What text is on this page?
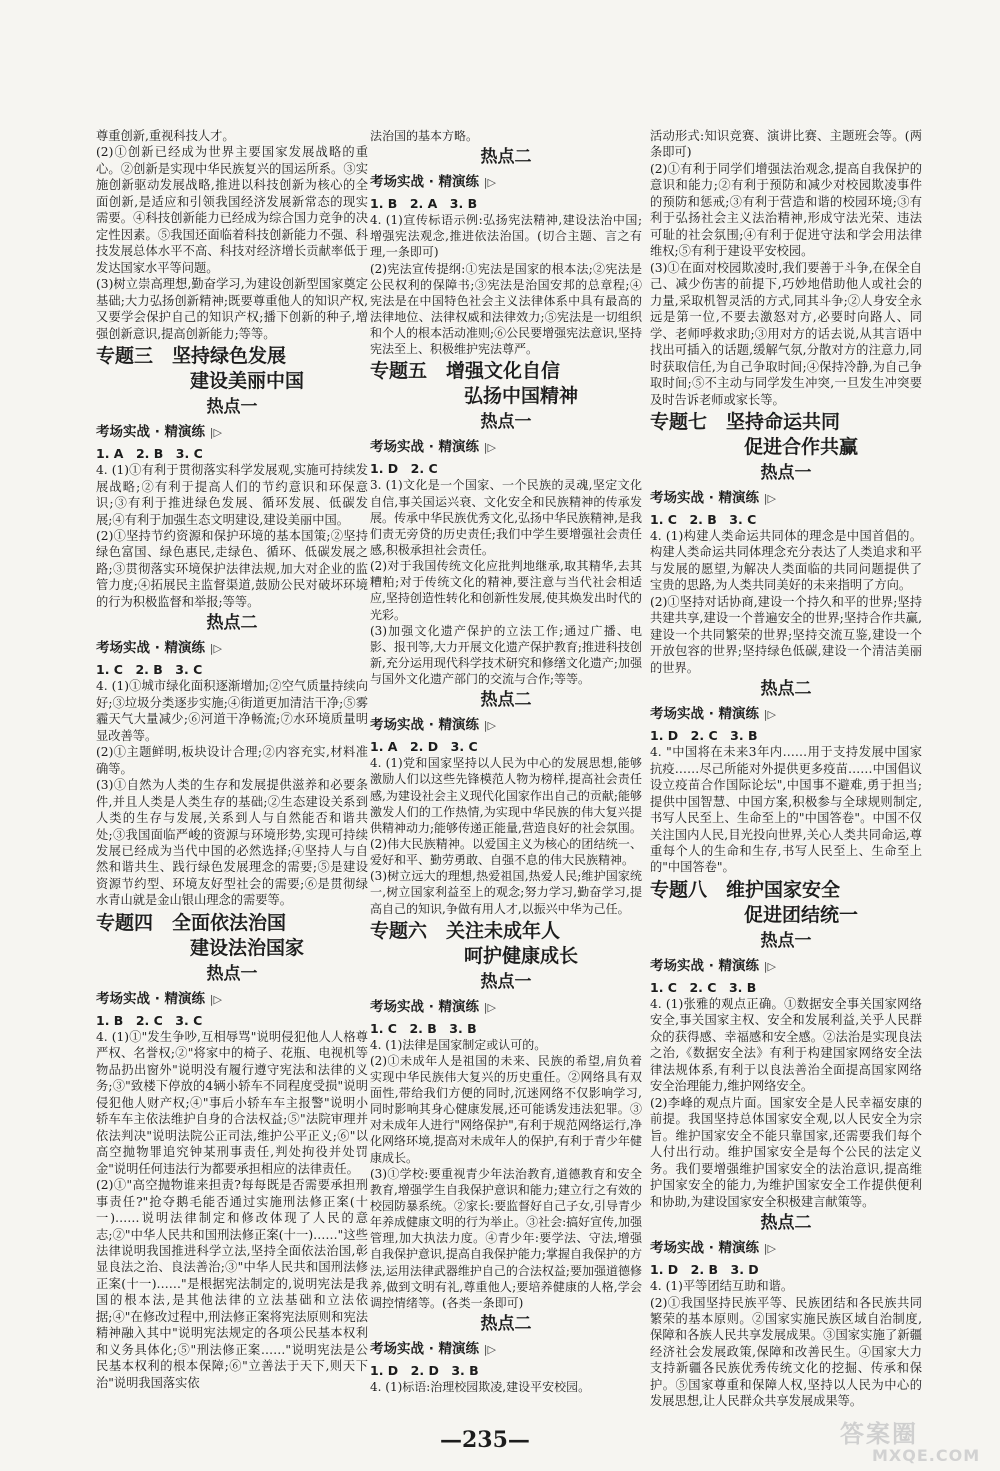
尊重创新,重视科技人才。
(2)①创新已经成为世界主要国家发展战略的重心。②创新是实现中华民族复兴的国运所系。③实施创新驱动发展战略,推进以科技创新为核心的全面创新,是适应和引领我国经济发展新常态的现实需要。④科技创新能力已经成为综合国力竞争的决定性因素。⑤我国还面临着科技创新能力不强、科技发展总体水平不高、科技对经济增长贡献率低于发达国家水平等问题。
(3)树立崇高理想,勤奋学习,为建设创新型国家奠定基础;大力弘扬创新精神;既要尊重他人的知识产权,又要学会保护自己的知识产权;播下创新的种子,增强创新意识,提高创新能力;等等。

专题三　坚持绿色发展
建设美丽中国
热点一
考场实战 · 精演练 |▷

1. A　2. B　3. C

4. (1)①有利于贯彻落实科学发展观,实施可持续发展战略;②有利于提高人们的节约意识和环保意识;③有利于推进绿色发展、循环发展、低碳发展;④有利于加强生态文明建设,建设美丽中国。
(2)①坚持节约资源和保护环境的基本国策;②坚持绿色富国、绿色惠民,走绿色、循环、低碳发展之路;③贯彻落实环境保护法律法规,加大对企业的监管力度;④拓展民主监督渠道,鼓励公民对破坏环境的行为积极监督和举报;等等。

热点二
考场实战 · 精演练 |▷

1. C　2. B　3. C

4. (1)①城市绿化面积逐渐增加;②空气质量持续向好;③垃圾分类逐步实施;④街道更加清洁干净;⑤雾霾天气大量减少;⑥河道干净畅流;⑦水环境质量明显改善等。
(2)①主题鲜明,板块设计合理;②内容充实,材料准确等。
(3)①自然为人类的生存和发展提供滋养和必要条件,并且人类是人类生存的基础;②生态建设关系到人类的生存与发展,关系到人与自然能否和谐共处;③我国面临严峻的资源与环境形势,实现可持续发展已经成为当代中国的必然选择;④坚持人与自然和谐共生、践行绿色发展理念的需要;⑤是建设资源节约型、环境友好型社会的需要;⑥是贯彻绿水青山就是金山银山理念的需要等。

专题四　全面依法治国
建设法治国家
热点一
考场实战 · 精演练 |▷

1. B　2. C　3. C

4. (1)①"发生争吵,互相辱骂"说明侵犯他人人格尊严权、名誉权;②"将家中的椅子、花瓶、电视机等物品扔出窗外"说明没有履行遵守宪法和法律的义务;③"致楼下停放的4辆小轿车不同程度受损"说明侵犯他人财产权;④"事后小轿车车主报警"说明小轿车车主依法维护自身的合法权益;⑤"法院审理并依法判决"说明法院公正司法,维护公平正义;⑥"以高空抛物罪追究钟某刑事责任,判处拘役并处罚金"说明任何违法行为都要承担相应的法律责任。
(2)①"高空抛物谁来担责?每每既是否需要承担刑事责任?"抢夺鹅毛能否通过实施刑法修正案(十一)……说明法律制定和修改体现了人民的意志;②"中华人民共和国刑法修正案(十一)……"这些法律说明我国推进科学立法,坚持全面依法治国,彰显良法之治、良法善治;③"中华人民共和国刑法修正案(十一)……"是根据宪法制定的,说明宪法是我国的根本法,是其他法律的立法基础和立法依据;④"在修改过程中,刑法修正案将宪法原则和宪法精神融入其中"说明宪法规定的各项公民基本权利和义务具体化;⑤"刑法修正案……"说明宪法是公民基本权利的根本保障;⑥"立善法于天下,则天下治"说明我国落实依

法治国的基本方略。

热点二
考场实战 · 精演练 |▷

1. B　2. A　3. B

4. (1)宣传标语示例:弘扬宪法精神,建设法治中国;增强宪法观念,推进依法治国。(切合主题、言之有理,一条即可)
(2)宪法宣传提纲:①宪法是国家的根本法;②宪法是公民权利的保障书;③宪法是治国安邦的总章程;④宪法是在中国特色社会主义法律体系中具有最高的法律地位、法律权威和法律效力;⑤宪法是一切组织和个人的根本活动准则;⑥公民要增强宪法意识,坚持宪法至上、积极维护宪法尊严。

专题五　增强文化自信
弘扬中国精神
热点一
考场实战 · 精演练 |▷

1. D　2. C

3. (1)文化是一个国家、一个民族的灵魂,坚定文化自信,事关国运兴衰、文化安全和民族精神的传承发展。传承中华民族优秀文化,弘扬中华民族精神,是我们责无旁贷的历史责任;我们中学生要增强社会责任感,积极承担社会责任。
(2)对于我国传统文化应批判地继承,取其精华,去其糟粕;对于传统文化的精神,要注意与当代社会相适应,坚持创造性转化和创新性发展,使其焕发出时代的光彩。
(3)加强文化遗产保护的立法工作;通过广播、电影、报刊等,大力开展文化遗产保护教育;推进科技创新,充分运用现代科学技术研究和修缮文化遗产;加强与国外文化遗产部门的交流与合作;等等。

热点二
考场实战 · 精演练 |▷

1. A　2. D　3. C

4. (1)党和国家坚持以人民为中心的发展思想,能够激励人们以这些先锋模范人物为榜样,提高社会责任感,为建设社会主义现代化国家作出自己的贡献;能够激发人们的工作热情,为实现中华民族的伟大复兴提供精神动力;能够传递正能量,营造良好的社会氛围。
(2)伟大民族精神。以爱国主义为核心的团结统一、爱好和平、勤劳勇敢、自强不息的伟大民族精神。
(3)树立远大的理想,热爱祖国,热爱人民;维护国家统一,树立国家利益至上的观念;努力学习,勤奋学习,提高自己的知识,争做有用人才,以振兴中华为己任。

专题六　关注未成年人
呵护健康成长
热点一
考场实战 · 精演练 |▷

1. C　2. B　3. B

4. (1)法律是国家制定或认可的。
(2)①未成年人是祖国的未来、民族的希望,肩负着实现中华民族伟大复兴的历史重任。②网络具有双面性,带给我们方便的同时,沉迷网络不仅影响学习,同时影响其身心健康发展,还可能诱发违法犯罪。③对未成年人进行"网络保护",有利于规范网络运行,净化网络环境,提高对未成年人的保护,有利于青少年健康成长。
(3)①学校:要重视青少年法治教育,道德教育和安全教育,增强学生自我保护意识和能力;建立行之有效的校园防暴系统。②家长:要监督好自己子女,引导青少年养成健康文明的行为举止。③社会:搞好宣传,加强管理,加大执法力度。④青少年:要学法、守法,增强自我保护意识,提高自我保护能力;掌握自我保护的方法,运用法律武器维护自己的合法权益;要加强道德修养,做到文明有礼,尊重他人;要培养健康的人格,学会调控情绪等。(各类一条即可)

热点二
考场实战 · 精演练 |▷

1. D　2. D　3. B

4. (1)标语:治理校园欺凌,建设平安校园。

活动形式:知识竞赛、演讲比赛、主题班会等。(两条即可)
(2)①有利于同学们增强法治观念,提高自我保护的意识和能力;②有利于预防和减少对校园欺凌事件的预防和惩戒;③有利于营造和谐的校园环境;③有利于弘扬社会主义法治精神,形成守法光荣、违法可耻的社会氛围;④有利于促进守法和学会用法律维权;⑤有利于建设平安校园。
(3)①在面对校园欺凌时,我们要善于斗争,在保全自己、减少伤害的前提下,巧妙地借助他人或社会的力量,采取机智灵活的方式,同其斗争;②人身安全永远是第一位,不要去激怒对方,必要时向路人、同学、老师呼救求助;③用对方的话去说,从其言语中找出可插入的话题,缓解气氛,分散对方的注意力,同时获取信任,为自己争取时间;④保持冷静,为自己争取时间;⑤不主动与同学发生冲突,一旦发生冲突要及时告诉老师或家长等。

专题七　坚持命运共同
促进合作共赢
热点一
考场实战 · 精演练 |▷

1. C　2. B　3. C

4. (1)构建人类命运共同体的理念是中国首倡的。构建人类命运共同体理念充分表达了人类追求和平与发展的愿望,为解决人类面临的共同问题提供了宝贵的思路,为人类共同美好的未来指明了方向。
(2)①坚持对话协商,建设一个持久和平的世界;坚持共建共享,建设一个普遍安全的世界;坚持合作共赢,建设一个共同繁荣的世界;坚持交流互鉴,建设一个开放包容的世界;坚持绿色低碳,建设一个清洁美丽的世界。

热点二
考场实战 · 精演练 |▷

1. D　2. C　3. B

4. "中国将在未来3年内……用于支持发展中国家抗疫……尽己所能对外提供更多疫苗……中国倡议设立疫苗合作国际论坛",中国事不避难,勇于担当;提供中国智慧、中国方案,积极参与全球规则制定,书写人民至上、生命至上的"中国答卷"。中国不仅关注国内人民,目光投向世界,关心人类共同命运,尊重每个人的生命和生存,书写人民至上、生命至上的"中国答卷"。

专题八　维护国家安全
促进团结统一
热点一
考场实战 · 精演练 |▷

1. C　2. C　3. B

4. (1)张雅的观点正确。①数据安全事关国家网络安全,事关国家主权、安全和发展利益,关乎人民群众的获得感、幸福感和安全感。②法治是实现良法之治,《数据安全法》有利于构建国家网络安全法律法规体系,有利于以良法善治全面提高国家网络安全治理能力,维护网络安全。
(2)李峰的观点片面。国家安全是人民幸福安康的前提。我国坚持总体国家安全观,以人民安全为宗旨。维护国家安全不能只靠国家,还需要我们每个人付出行动。维护国家安全是每个公民的法定义务。我们要增强维护国家安全的法治意识,提高维护国家安全的能力,为维护国家安全工作提供便利和协助,为建设国家安全积极建言献策等。

热点二
考场实战 · 精演练 |▷

1. D　2. B　3. D

4. (1)平等团结互助和谐。
(2)①我国坚持民族平等、民族团结和各民族共同繁荣的基本原则。②国家实施民族区域自治制度,保障和各族人民共享发展成果。③国家实施了新疆经济社会发展政策,保障和改善民生。④国家大力支持新疆各民族优秀传统文化的挖掘、传承和保护。⑤国家尊重和保障人权,坚持以人民为中心的发展思想,让人民群众共享发展成果等。

—235—	答案圈
MXQE.COM
